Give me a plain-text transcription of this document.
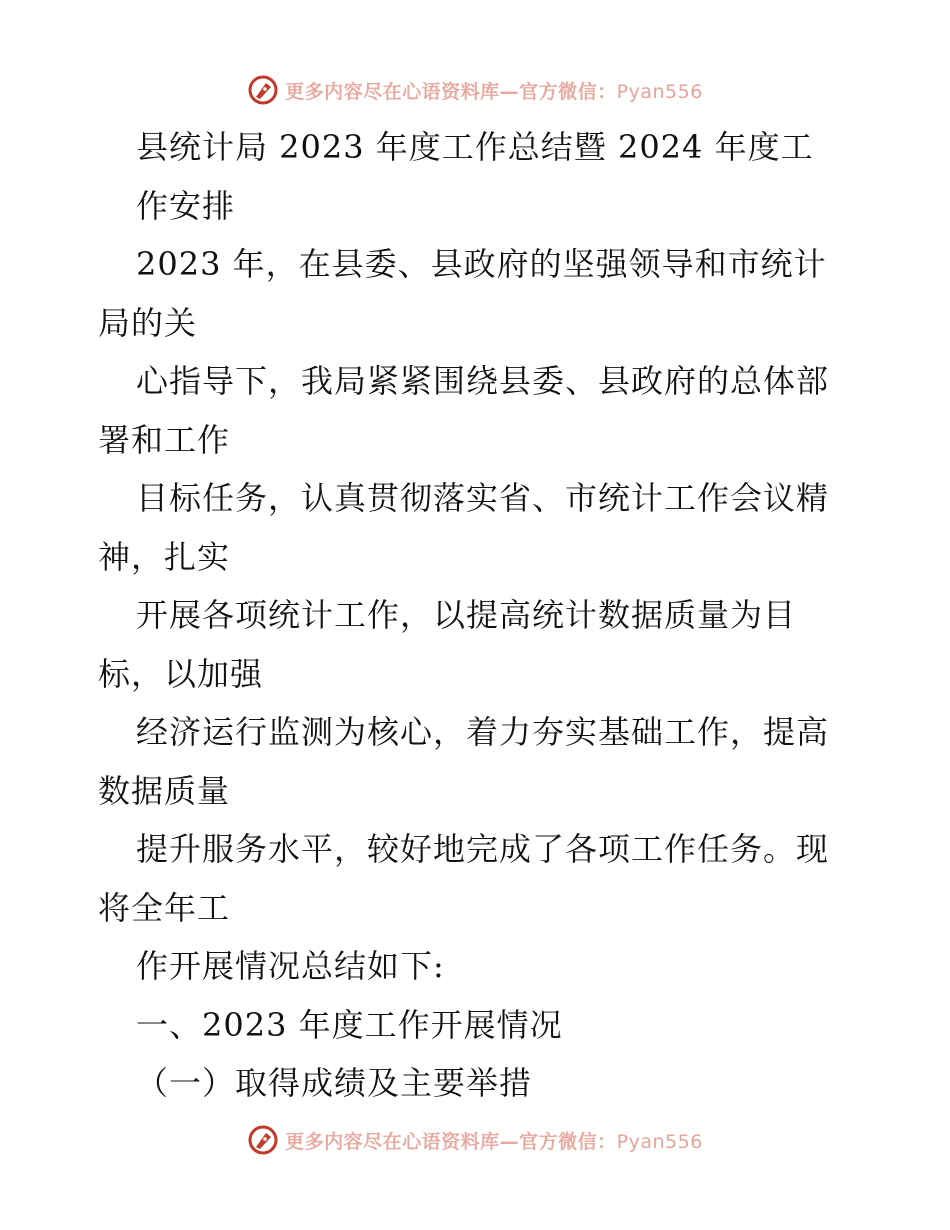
更多内容尽在心语资料库—官方微信：Pyan556
县统计局 2023 年度工作总结暨 2024 年度工
作安排
2023 年，在县委、县政府的坚强领导和市统计
局的关
心指导下，我局紧紧围绕县委、县政府的总体部
署和工作
目标任务，认真贯彻落实省、市统计工作会议精
神，扎实
开展各项统计工作，以提高统计数据质量为目
标，以加强
经济运行监测为核心，着力夯实基础工作，提高
数据质量
提升服务水平，较好地完成了各项工作任务。现
将全年工
作开展情况总结如下:
一、2023 年度工作开展情况
（一）取得成绩及主要举措
更多内容尽在心语资料库—官方微信：Pyan556
